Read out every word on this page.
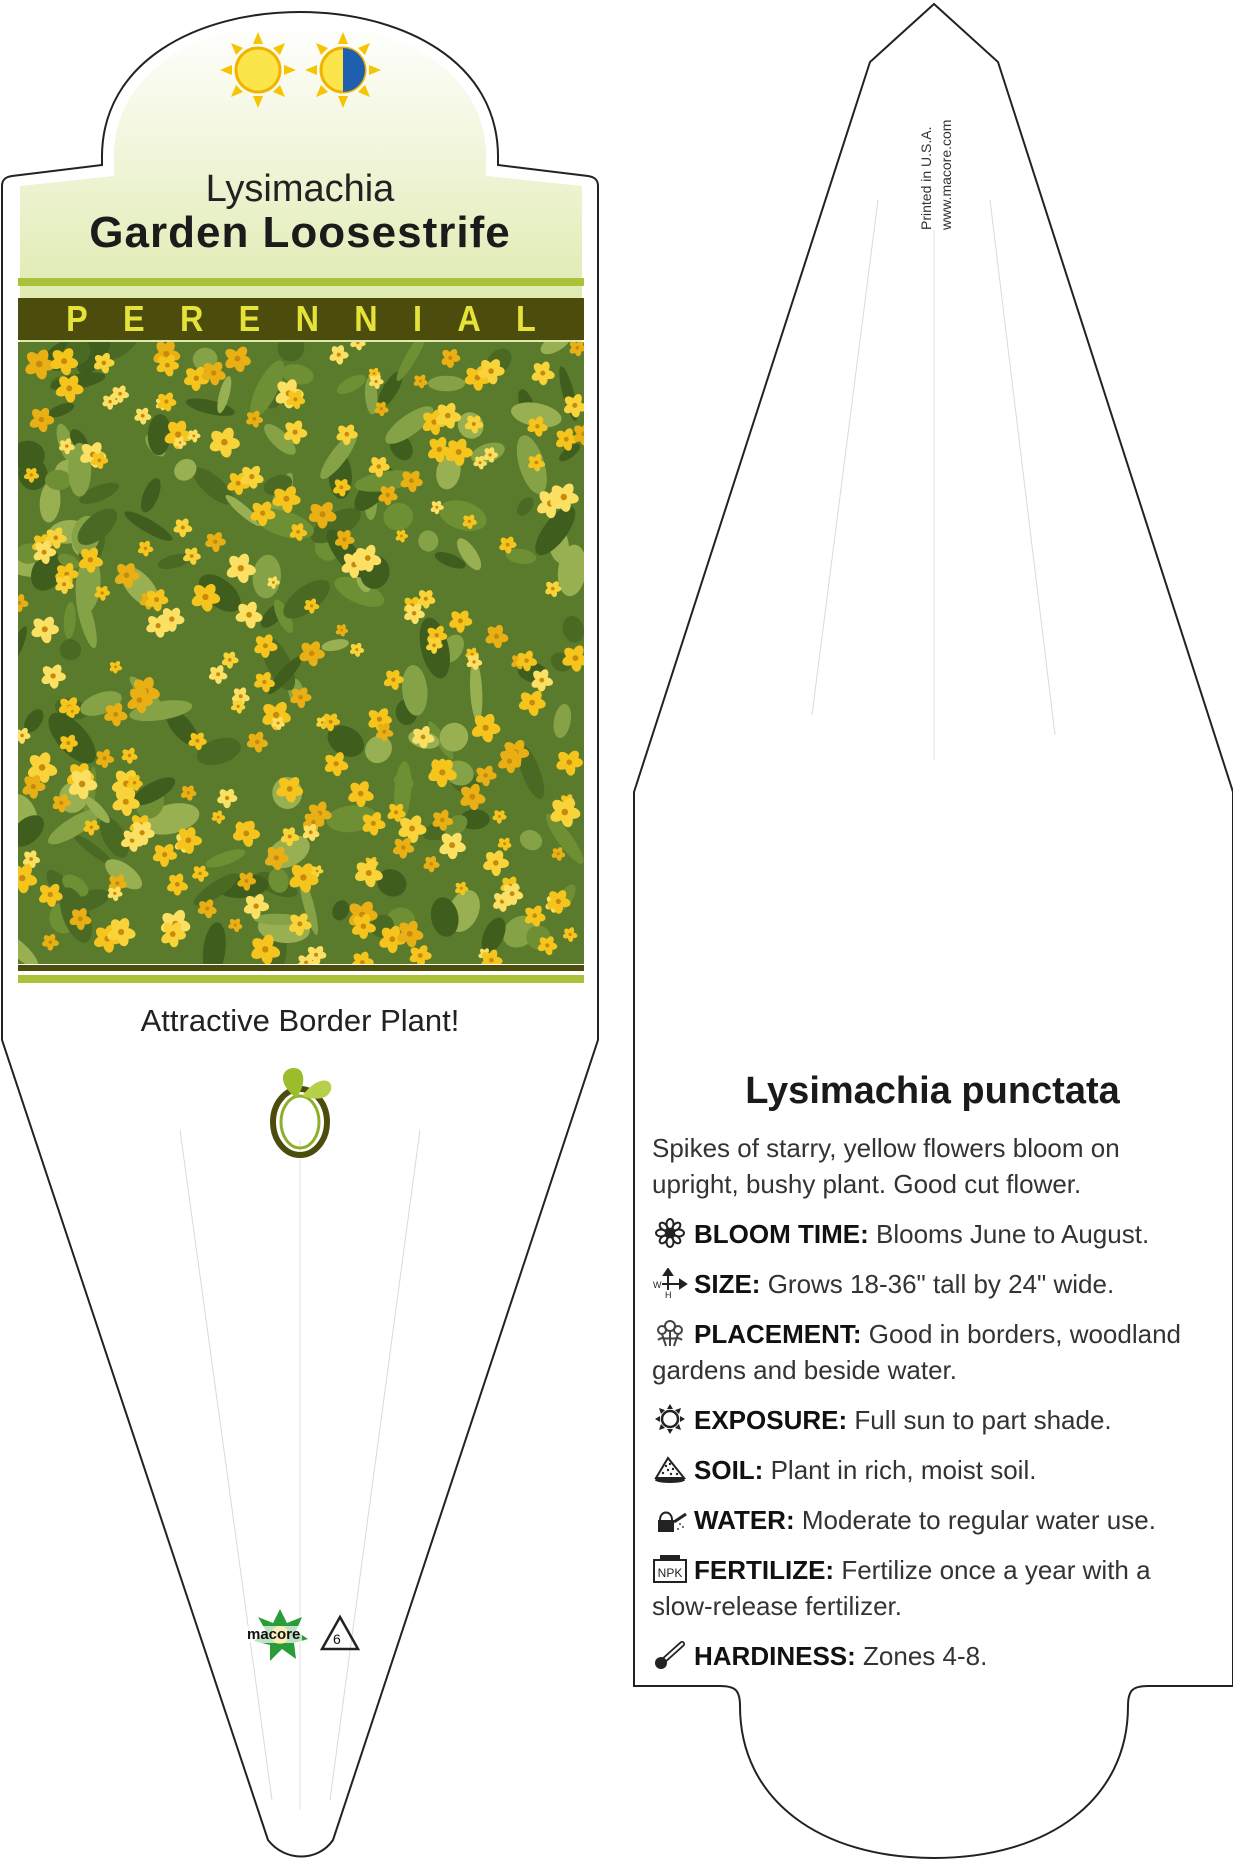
Lysimachia
Garden Loosestrife
P E R E N N I A L
Attractive Border Plant!
macore 6
Printed in U.S.A. www.macore.com
Lysimachia punctata

Spikes of starry, yellow flowers bloom on upright, bushy plant. Good cut flower.

BLOOM TIME: Blooms June to August.

W
H SIZE: Grows 18-36" tall by 24" wide.

PLACEMENT: Good in borders, woodland gardens and beside water.

EXPOSURE: Full sun to part shade.

SOIL: Plant in rich, moist soil.

WATER: Moderate to regular water use.

NPK FERTILIZE: Fertilize once a year with a slow-release fertilizer.

HARDINESS: Zones 4-8.
